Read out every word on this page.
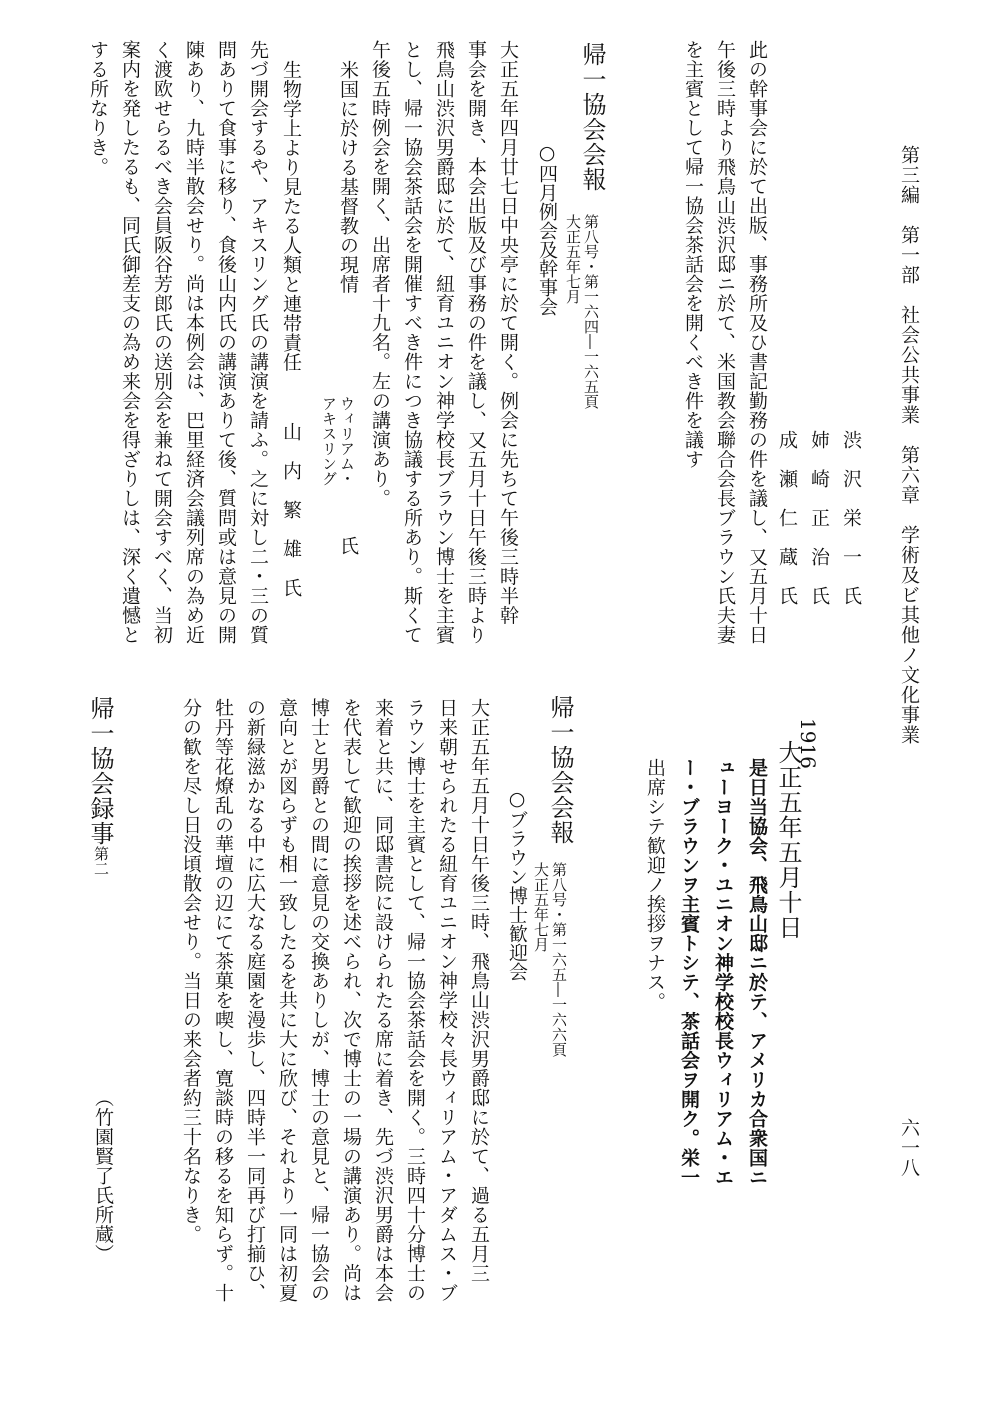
第三編　第一部　社会公共事業　第六章　学術及ビ其他ノ文化事業
六一八
此の幹事会に於て出版、事務所及ひ書記勤務の件を議し、又五月十日
午後三時より飛鳥山渋沢邸ニ於て、米国教会聯合会長ブラウン氏夫妻
を主賓として帰一協会茶話会を開くべき件を議す
渋　沢　栄　一　氏
姉　崎　正　治　氏
成　瀬　仁　蔵　氏
帰一協会会報
第八号・第一六四―一六五頁
大正五年七月
○四月例会及幹事会
大正五年四月廿七日中央亭に於て開く。例会に先ちて午後三時半幹
事会を開き、本会出版及び事務の件を議し、又五月十日午後三時より
飛鳥山渋沢男爵邸に於て、紐育ユニオン神学校長ブラウン博士を主賓
とし、帰一協会茶話会を開催すべき件につき協議する所あり。斯くて
午後五時例会を開く、出席者十九名。左の講演あり。
米国に於ける基督教の現情
ウィリアム・
アキスリング
氏
生物学上より見たる人類と連帯責任
山　内　繁　雄　氏
先づ開会するや、アキスリング氏の講演を請ふ。之に対し二・三の質
問ありて食事に移り、食後山内氏の講演ありて後、質問或は意見の開
陳あり、九時半散会せり。尚は本例会は、巴里経済会議列席の為め近
く渡欧せらるべき会員阪谷芳郎氏の送別会を兼ねて開会すべく、当初
案内を発したるも、同氏御差支の為め来会を得ざりしは、深く遺憾と
する所なりき。
1916
大正五年五月十日
是日当協会、飛鳥山邸ニ於テ、アメリカ合衆国ニ
ューヨーク・ユニオン神学校校長ウィリアム・エ
ー・ブラウンヲ主賓トシテ、茶話会ヲ開ク。栄一
出席シテ歓迎ノ挨拶ヲナス。
帰一協会会報
第八号・第一六五―一六六頁
大正五年七月
○ブラウン博士歓迎会
大正五年五月十日午後三時、飛鳥山渋沢男爵邸に於て、過る五月三
日来朝せられたる紐育ユニオン神学校々長ウィリアム・アダムス・ブ
ラウン博士を主賓として、帰一協会茶話会を開く。三時四十分博士の
来着と共に、同邸書院に設けられたる席に着き、先づ渋沢男爵は本会
を代表して歓迎の挨拶を述べられ、次で博士の一場の講演あり。尚は
博士と男爵との間に意見の交換ありしが、博士の意見と、帰一協会の
意向とが図らずも相一致したるを共に大に欣び、それより一同は初夏
の新緑滋かなる中に広大なる庭園を漫歩し、四時半一同再び打揃ひ、
牡丹等花燎乱の華壇の辺にて茶菓を喫し、寛談時の移るを知らず。十
分の歓を尽し日没頃散会せり。当日の来会者約三十名なりき。
帰一協会録事
第二
（竹園賢了氏所蔵）
